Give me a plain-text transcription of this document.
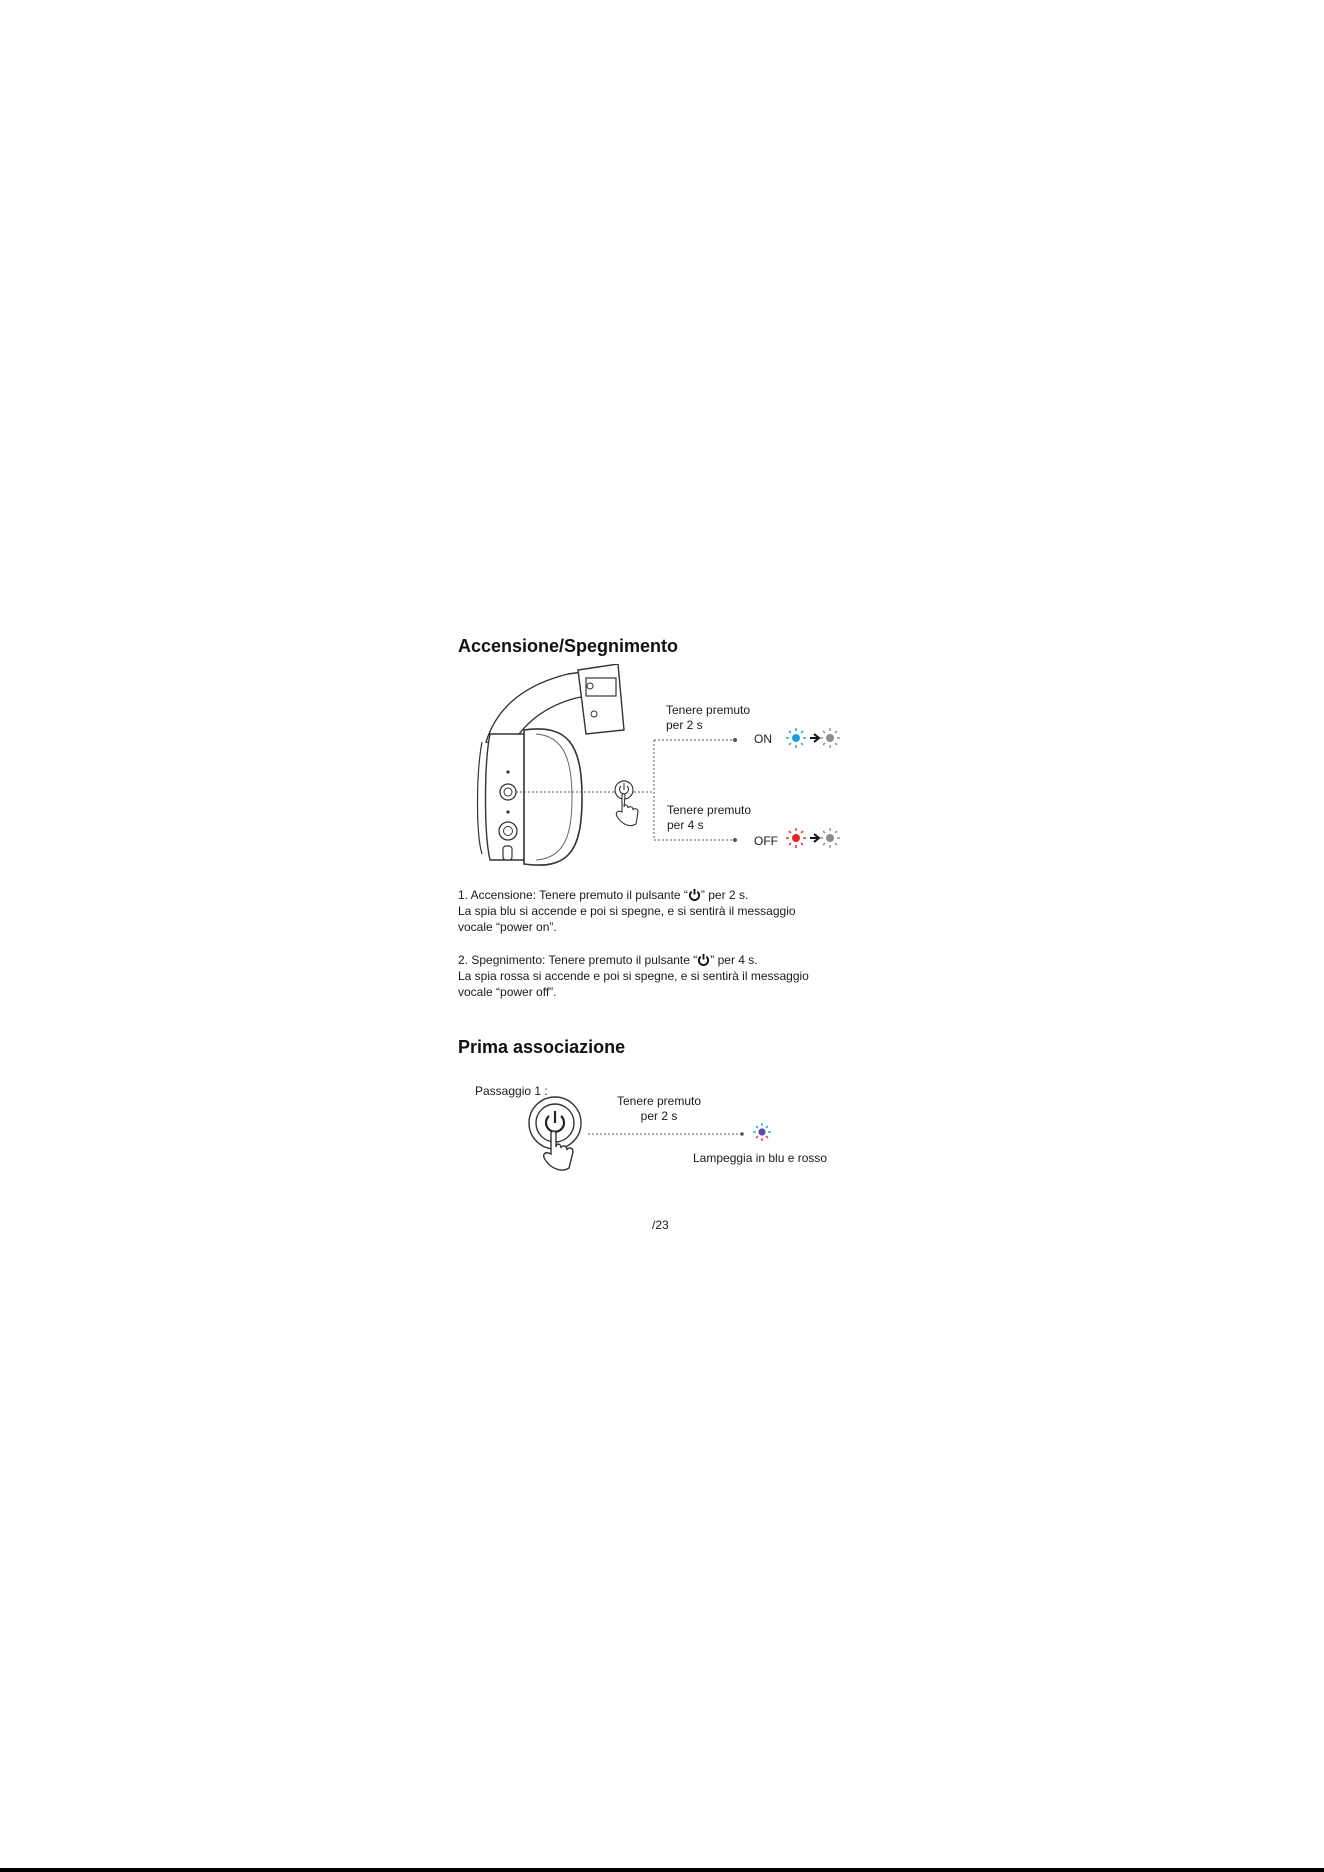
Accensione/Spegnimento
Tenere premuto
per 2 s
ON
Tenere premuto
per 4 s
OFF

1. Accensione: Tenere premuto il pulsante “ ” per 2 s.

La spia blu si accende e poi si spegne, e si sentirà il messaggio

vocale “power on”.

2. Spegnimento: Tenere premuto il pulsante “ ” per 4 s.

La spia rossa si accende e poi si spegne, e si sentirà il messaggio

vocale “power off”.

Prima associazione
Passaggio 1 :
Tenere premuto
per 2 s
Lampeggia in blu e rosso
/23
